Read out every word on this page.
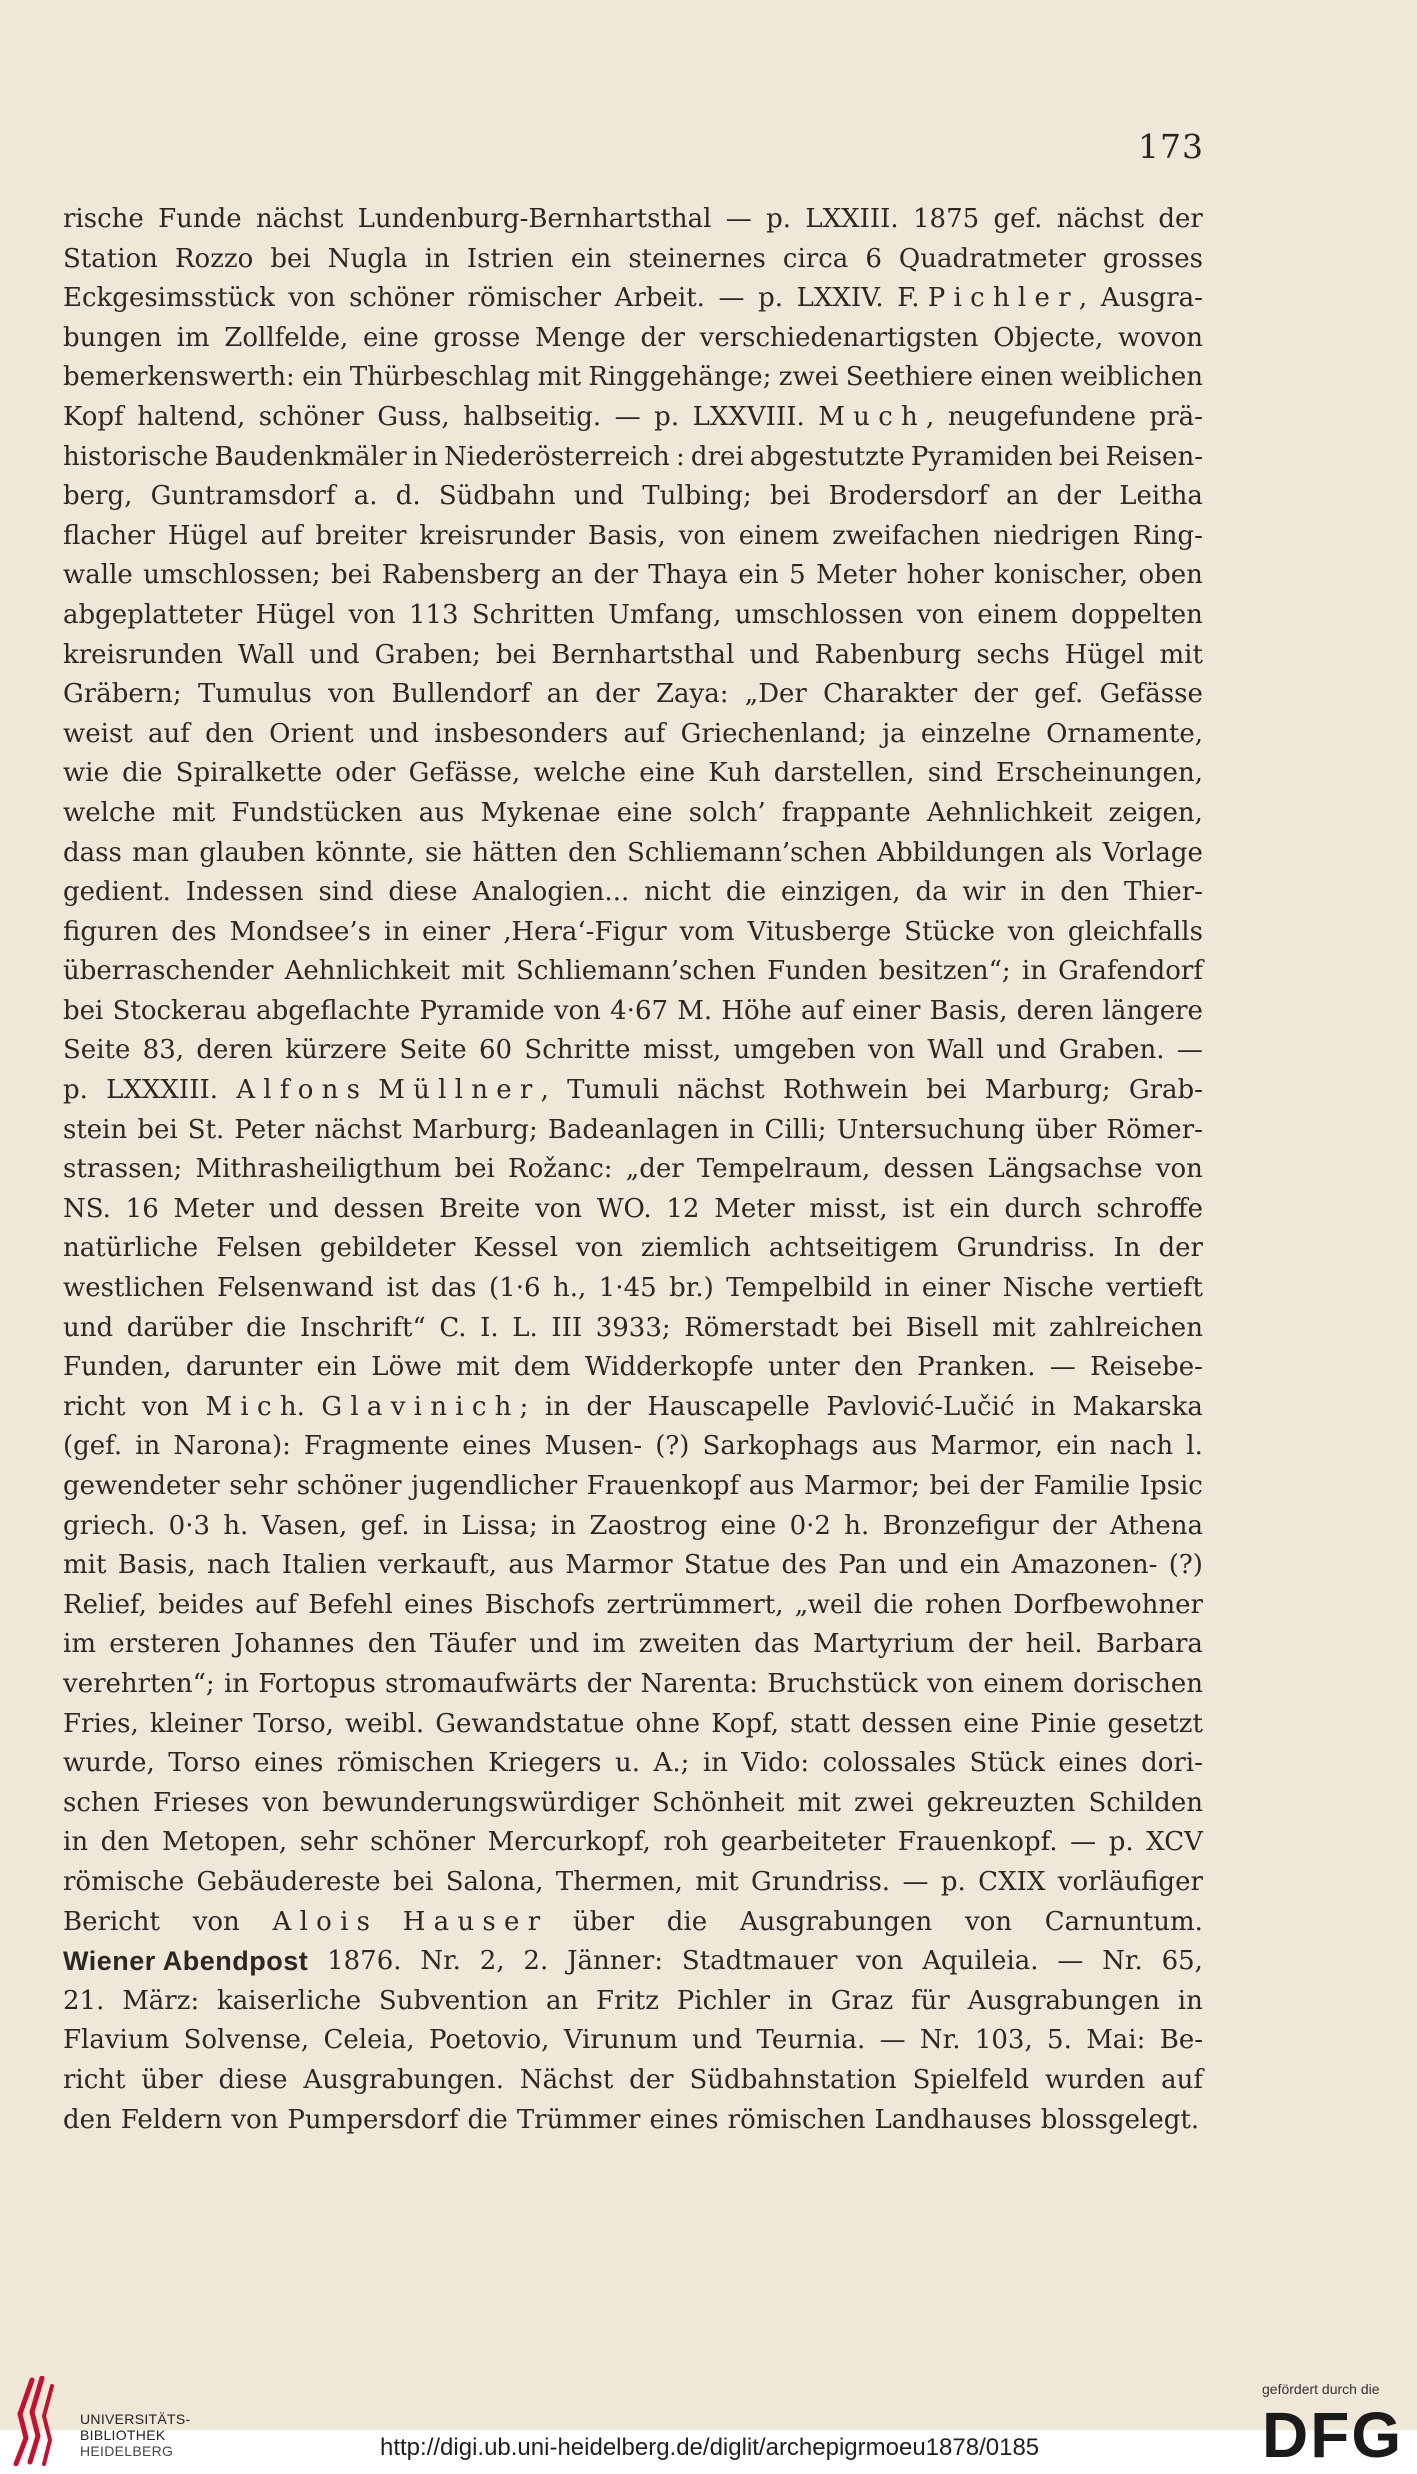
173
rische Funde nächst Lundenburg-Bernhartsthal — p. LXXIII. 1875 gef. nächst der
Station Rozzo bei Nugla in Istrien ein steinernes circa 6 Quadratmeter grosses
Eckgesimsstück von schöner römischer Arbeit. — p. LXXIV. F. P i c h l e r , Ausgra-
bungen im Zollfelde, eine grosse Menge der verschiedenartigsten Objecte, wovon
bemerkenswerth: ein Thürbeschlag mit Ringgehänge; zwei Seethiere einen weiblichen
Kopf haltend, schöner Guss, halbseitig. — p. LXXVIII. M u c h , neugefundene prä-
historische Baudenkmäler in Niederösterreich : drei abgestutzte Pyramiden bei Reisen-
berg, Guntramsdorf a. d. Südbahn und Tulbing; bei Brodersdorf an der Leitha
flacher Hügel auf breiter kreisrunder Basis, von einem zweifachen niedrigen Ring-
walle umschlossen; bei Rabensberg an der Thaya ein 5 Meter hoher konischer, oben
abgeplatteter Hügel von 113 Schritten Umfang, umschlossen von einem doppelten
kreisrunden Wall und Graben; bei Bernhartsthal und Rabenburg sechs Hügel mit
Gräbern; Tumulus von Bullendorf an der Zaya: „Der Charakter der gef. Gefässe
weist auf den Orient und insbesonders auf Griechenland; ja einzelne Ornamente,
wie die Spiralkette oder Gefässe, welche eine Kuh darstellen, sind Erscheinungen,
welche mit Fundstücken aus Mykenae eine solch’ frappante Aehnlichkeit zeigen,
dass man glauben könnte, sie hätten den Schliemann’schen Abbildungen als Vorlage
gedient. Indessen sind diese Analogien... nicht die einzigen, da wir in den Thier-
figuren des Mondsee’s in einer ‚Hera‘-Figur vom Vitusberge Stücke von gleichfalls
überraschender Aehnlichkeit mit Schliemann’schen Funden besitzen“; in Grafendorf
bei Stockerau abgeflachte Pyramide von 4·67 M. Höhe auf einer Basis, deren längere
Seite 83, deren kürzere Seite 60 Schritte misst, umgeben von Wall und Graben. —
p. LXXXIII. A l f o n s M ü l l n e r , Tumuli nächst Rothwein bei Marburg; Grab-
stein bei St. Peter nächst Marburg; Badeanlagen in Cilli; Untersuchung über Römer-
strassen; Mithrasheiligthum bei Rožanc: „der Tempelraum, dessen Längsachse von
NS. 16 Meter und dessen Breite von WO. 12 Meter misst, ist ein durch schroffe
natürliche Felsen gebildeter Kessel von ziemlich achtseitigem Grundriss. In der
westlichen Felsenwand ist das (1·6 h., 1·45 br.) Tempelbild in einer Nische vertieft
und darüber die Inschrift“ C. I. L. III 3933; Römerstadt bei Bisell mit zahlreichen
Funden, darunter ein Löwe mit dem Widderkopfe unter den Pranken. — Reisebe-
richt von M i c h. G l a v i n i c h ; in der Hauscapelle Pavlović-Lučić in Makarska
(gef. in Narona): Fragmente eines Musen- (?) Sarkophags aus Marmor, ein nach l.
gewendeter sehr schöner jugendlicher Frauenkopf aus Marmor; bei der Familie Ipsic
griech. 0·3 h. Vasen, gef. in Lissa; in Zaostrog eine 0·2 h. Bronzefigur der Athena
mit Basis, nach Italien verkauft, aus Marmor Statue des Pan und ein Amazonen- (?)
Relief, beides auf Befehl eines Bischofs zertrümmert, „weil die rohen Dorfbewohner
im ersteren Johannes den Täufer und im zweiten das Martyrium der heil. Barbara
verehrten“; in Fortopus stromaufwärts der Narenta: Bruchstück von einem dorischen
Fries, kleiner Torso, weibl. Gewandstatue ohne Kopf, statt dessen eine Pinie gesetzt
wurde, Torso eines römischen Kriegers u. A.; in Vido: colossales Stück eines dori-
schen Frieses von bewunderungswürdiger Schönheit mit zwei gekreuzten Schilden
in den Metopen, sehr schöner Mercurkopf, roh gearbeiteter Frauenkopf. — p. XCV
römische Gebäudereste bei Salona, Thermen, mit Grundriss. — p. CXIX vorläufiger
Bericht von A l o i s H a u s e r über die Ausgrabungen von Carnuntum.
Wiener Abendpost 1876. Nr. 2, 2. Jänner: Stadtmauer von Aquileia. — Nr. 65,
21. März: kaiserliche Subvention an Fritz Pichler in Graz für Ausgrabungen in
Flavium Solvense, Celeia, Poetovio, Virunum und Teurnia. — Nr. 103, 5. Mai: Be-
richt über diese Ausgrabungen. Nächst der Südbahnstation Spielfeld wurden auf
den Feldern von Pumpersdorf die Trümmer eines römischen Landhauses blossgelegt.
UNIVERSITÄTS-
BIBLIOTHEK
HEIDELBERG	http://digi.ub.uni-heidelberg.de/diglit/archepigrmoeu1878/0185
gefördert durch die
DFG
